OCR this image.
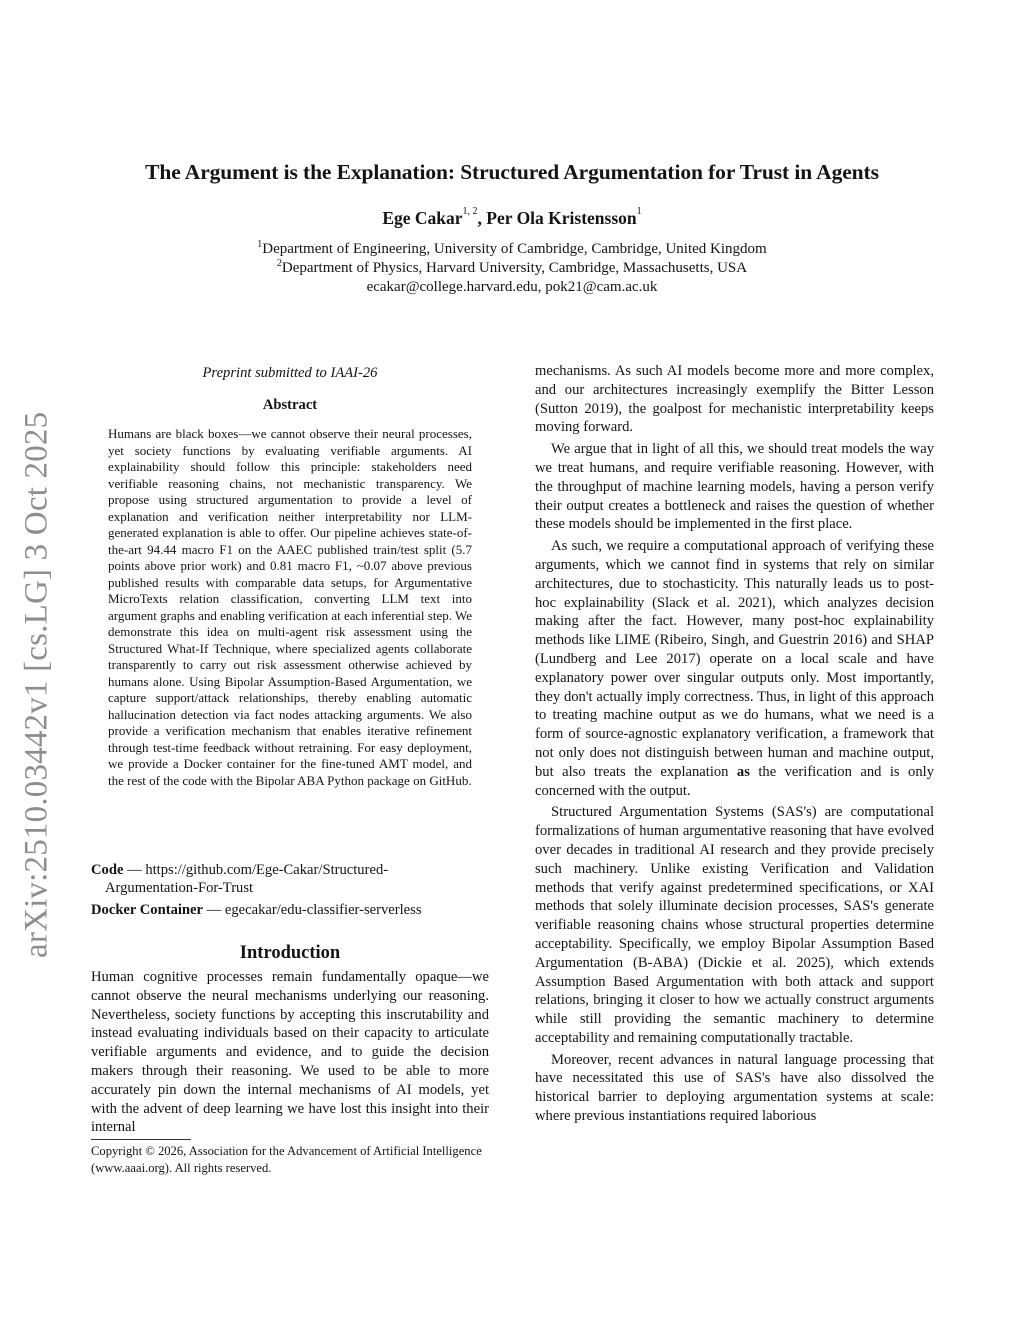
The Argument is the Explanation: Structured Argumentation for Trust in Agents
Ege Cakar$^{1, 2}$, Per Ola Kristensson$^1$
$^1$Department of Engineering, University of Cambridge, Cambridge, United Kingdom
$^2$Department of Physics, Harvard University, Cambridge, Massachusetts, USA
ecakar@college.harvard.edu, pok21@cam.ac.uk
arXiv:2510.03442v1 [cs.LG] 3 Oct 2025
Preprint submitted to IAAI-26
Abstract

Humans are black boxes—we cannot observe their neural processes, yet society functions by evaluating verifiable arguments. AI explainability should follow this principle: stakeholders need verifiable reasoning chains, not mechanistic transparency. We propose using structured argumentation to provide a level of explanation and verification neither interpretability nor LLM-generated explanation is able to offer. Our pipeline achieves state-of-the-art 94.44 macro F1 on the AAEC published train/test split (5.7 points above prior work) and 0.81 macro F1, ~0.07 above previous published results with comparable data setups, for Argumentative MicroTexts relation classification, converting LLM text into argument graphs and enabling verification at each inferential step. We demonstrate this idea on multi-agent risk assessment using the Structured What-If Technique, where specialized agents collaborate transparently to carry out risk assessment otherwise achieved by humans alone. Using Bipolar Assumption-Based Argumentation, we capture support/attack relationships, thereby enabling automatic hallucination detection via fact nodes attacking arguments. We also provide a verification mechanism that enables iterative refinement through test-time feedback without retraining. For easy deployment, we provide a Docker container for the fine-tuned AMT model, and the rest of the code with the Bipolar ABA Python package on GitHub.

Code — https://github.com/Ege-Cakar/Structured-
Argumentation-For-Trust
Docker Container — egecakar/edu-classifier-serverless
Introduction

Human cognitive processes remain fundamentally opaque—we cannot observe the neural mechanisms underlying our reasoning. Nevertheless, society functions by accepting this inscrutability and instead evaluating individuals based on their capacity to articulate verifiable arguments and evidence, and to guide the decision makers through their reasoning. We used to be able to more accurately pin down the internal mechanisms of AI models, yet with the advent of deep learning we have lost this insight into their internal

Copyright © 2026, Association for the Advancement of Artificial Intelligence (www.aaai.org). All rights reserved.

mechanisms. As such AI models become more and more complex, and our architectures increasingly exemplify the Bitter Lesson (Sutton 2019), the goalpost for mechanistic interpretability keeps moving forward.

We argue that in light of all this, we should treat models the way we treat humans, and require verifiable reasoning. However, with the throughput of machine learning models, having a person verify their output creates a bottleneck and raises the question of whether these models should be implemented in the first place.

As such, we require a computational approach of verifying these arguments, which we cannot find in systems that rely on similar architectures, due to stochasticity. This naturally leads us to post-hoc explainability (Slack et al. 2021), which analyzes decision making after the fact. However, many post-hoc explainability methods like LIME (Ribeiro, Singh, and Guestrin 2016) and SHAP (Lundberg and Lee 2017) operate on a local scale and have explanatory power over singular outputs only. Most importantly, they don't actually imply correctness. Thus, in light of this approach to treating machine output as we do humans, what we need is a form of source-agnostic explanatory verification, a framework that not only does not distinguish between human and machine output, but also treats the explanation as the verification and is only concerned with the output.

Structured Argumentation Systems (SAS's) are computational formalizations of human argumentative reasoning that have evolved over decades in traditional AI research and they provide precisely such machinery. Unlike existing Verification and Validation methods that verify against predetermined specifications, or XAI methods that solely illuminate decision processes, SAS's generate verifiable reasoning chains whose structural properties determine acceptability. Specifically, we employ Bipolar Assumption Based Argumentation (B-ABA) (Dickie et al. 2025), which extends Assumption Based Argumentation with both attack and support relations, bringing it closer to how we actually construct arguments while still providing the semantic machinery to determine acceptability and remaining computationally tractable.

Moreover, recent advances in natural language processing that have necessitated this use of SAS's have also dissolved the historical barrier to deploying argumentation systems at scale: where previous instantiations required laborious
